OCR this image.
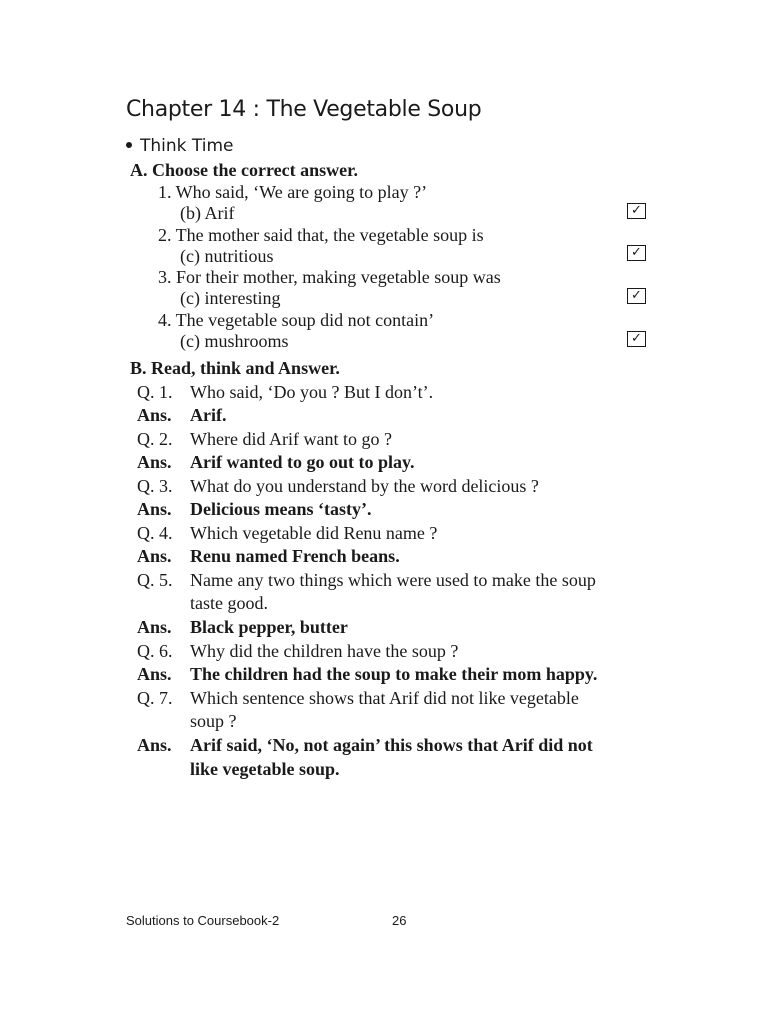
Chapter 14 : The Vegetable Soup
Think Time
A. Choose the correct answer.
1. Who said, ‘We are going to play ?’
(b) Arif	✓
2. The mother said that, the vegetable soup is
(c) nutritious	✓
3. For their mother, making vegetable soup was
(c) interesting	✓
4. The vegetable soup did not contain’
(c) mushrooms	✓
B. Read, think and Answer.
Q. 1. Who said, ‘Do you ? But I don’t’.
Ans. Arif.
Q. 2. Where did Arif want to go ?
Ans. Arif wanted to go out to play.
Q. 3. What do you understand by the word delicious ?
Ans. Delicious means ‘tasty’.
Q. 4. Which vegetable did Renu name ?
Ans. Renu named French beans.
Q. 5. Name any two things which were used to make the soup
taste good.
Ans. Black pepper, butter
Q. 6. Why did the children have the soup ?
Ans. The children had the soup to make their mom happy.
Q. 7. Which sentence shows that Arif did not like vegetable
soup ?
Ans. Arif said, ‘No, not again’ this shows that Arif did not
like vegetable soup.
Solutions to Coursebook-2	26
